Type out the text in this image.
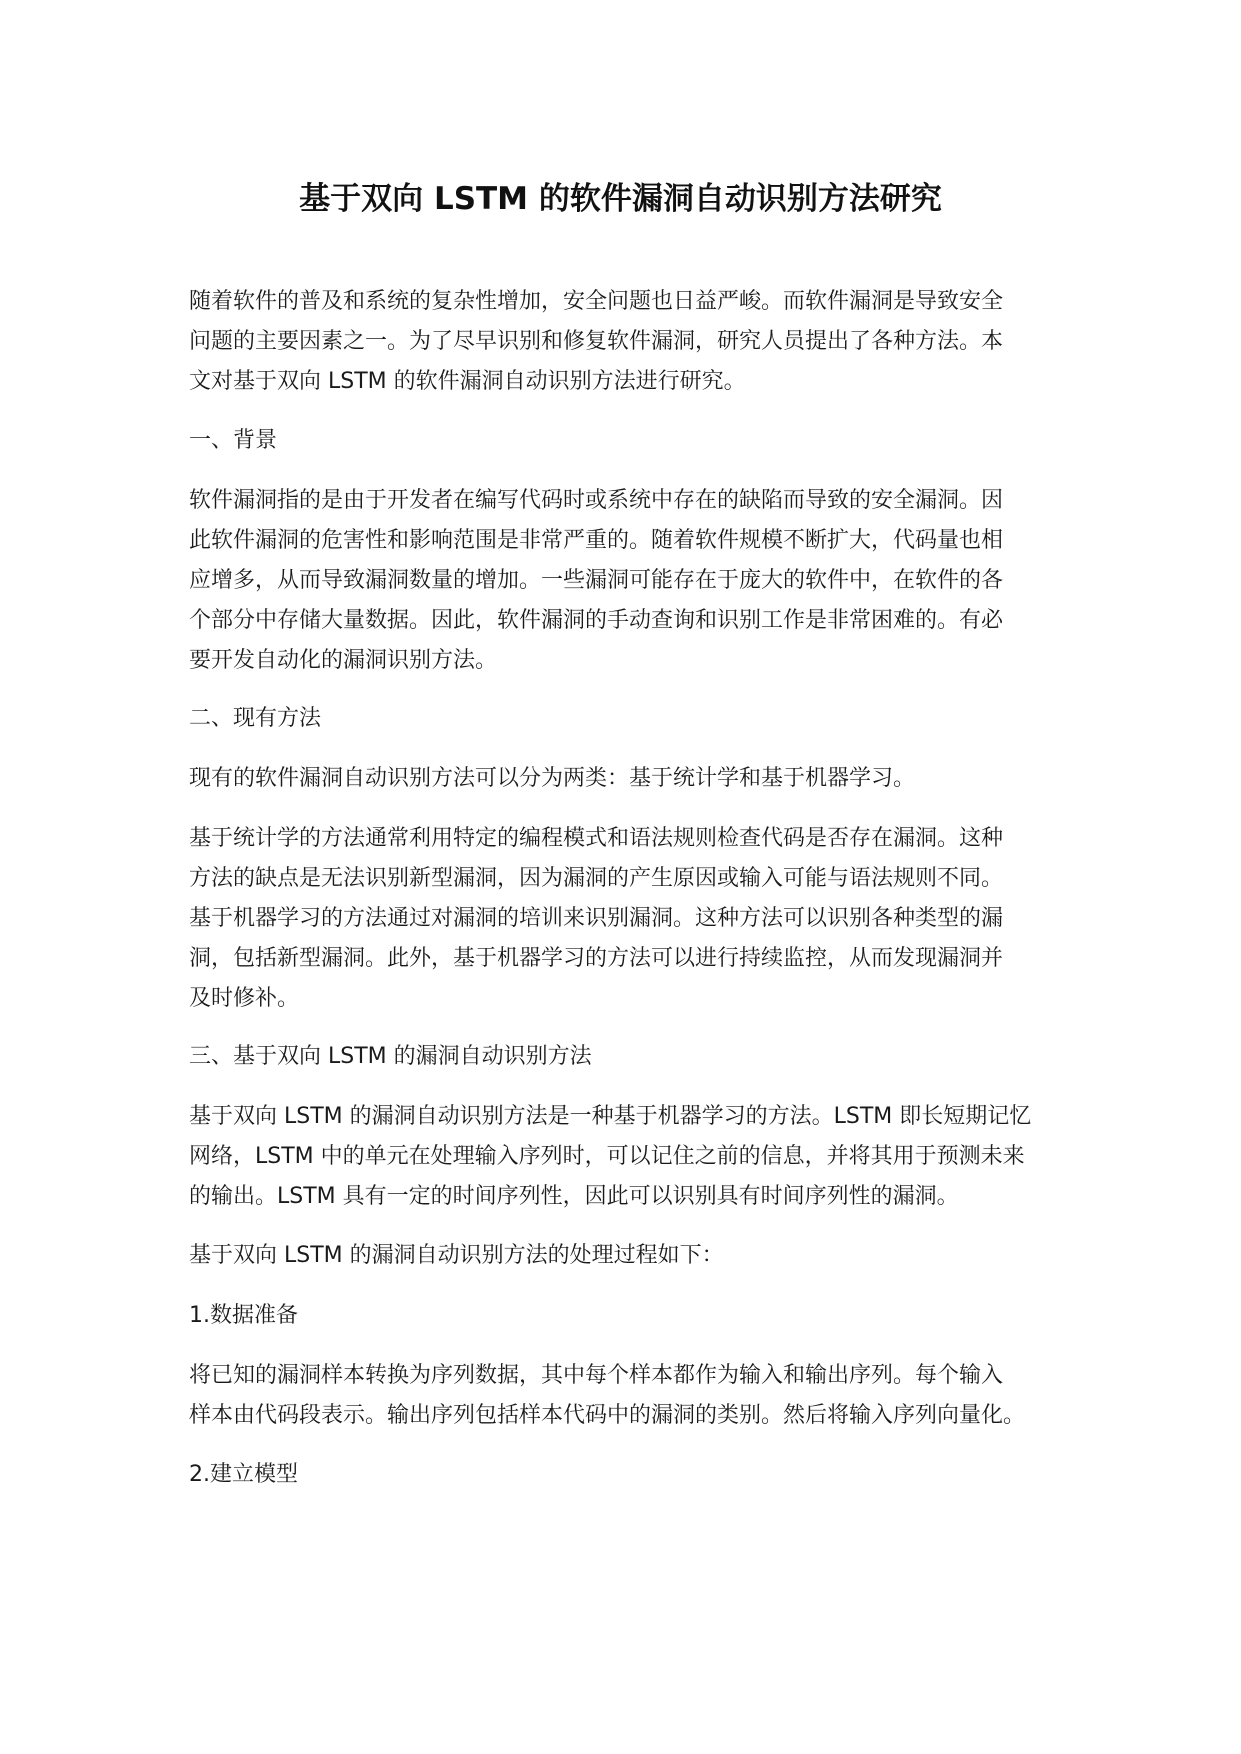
基于双向 LSTM 的软件漏洞自动识别方法研究
随着软件的普及和系统的复杂性增加，安全问题也日益严峻。而软件漏洞是导致安全
问题的主要因素之一。为了尽早识别和修复软件漏洞，研究人员提出了各种方法。本
文对基于双向 LSTM 的软件漏洞自动识别方法进行研究。
一、背景
软件漏洞指的是由于开发者在编写代码时或系统中存在的缺陷而导致的安全漏洞。因
此软件漏洞的危害性和影响范围是非常严重的。随着软件规模不断扩大，代码量也相
应增多，从而导致漏洞数量的增加。一些漏洞可能存在于庞大的软件中，在软件的各
个部分中存储大量数据。因此，软件漏洞的手动查询和识别工作是非常困难的。有必
要开发自动化的漏洞识别方法。
二、现有方法
现有的软件漏洞自动识别方法可以分为两类：基于统计学和基于机器学习。
基于统计学的方法通常利用特定的编程模式和语法规则检查代码是否存在漏洞。这种
方法的缺点是无法识别新型漏洞，因为漏洞的产生原因或输入可能与语法规则不同。
基于机器学习的方法通过对漏洞的培训来识别漏洞。这种方法可以识别各种类型的漏
洞，包括新型漏洞。此外，基于机器学习的方法可以进行持续监控，从而发现漏洞并
及时修补。
三、基于双向 LSTM 的漏洞自动识别方法
基于双向 LSTM 的漏洞自动识别方法是一种基于机器学习的方法。LSTM 即长短期记忆
网络，LSTM 中的单元在处理输入序列时，可以记住之前的信息，并将其用于预测未来
的输出。LSTM 具有一定的时间序列性，因此可以识别具有时间序列性的漏洞。
基于双向 LSTM 的漏洞自动识别方法的处理过程如下：
1.数据准备
将已知的漏洞样本转换为序列数据，其中每个样本都作为输入和输出序列。每个输入
样本由代码段表示。输出序列包括样本代码中的漏洞的类别。然后将输入序列向量化。
2.建立模型
